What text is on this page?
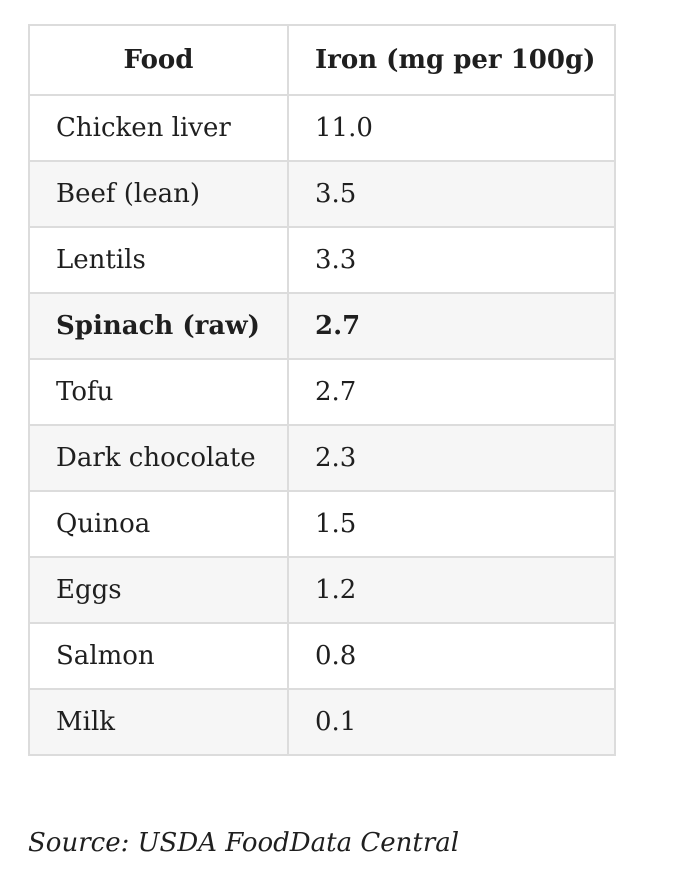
Food	Iron (mg per 100g)
Chicken liver	11.0
Beef (lean)	3.5
Lentils	3.3
Spinach (raw)	2.7
Tofu	2.7
Dark chocolate	2.3
Quinoa	1.5
Eggs	1.2
Salmon	0.8
Milk	0.1
Source: USDA FoodData Central
